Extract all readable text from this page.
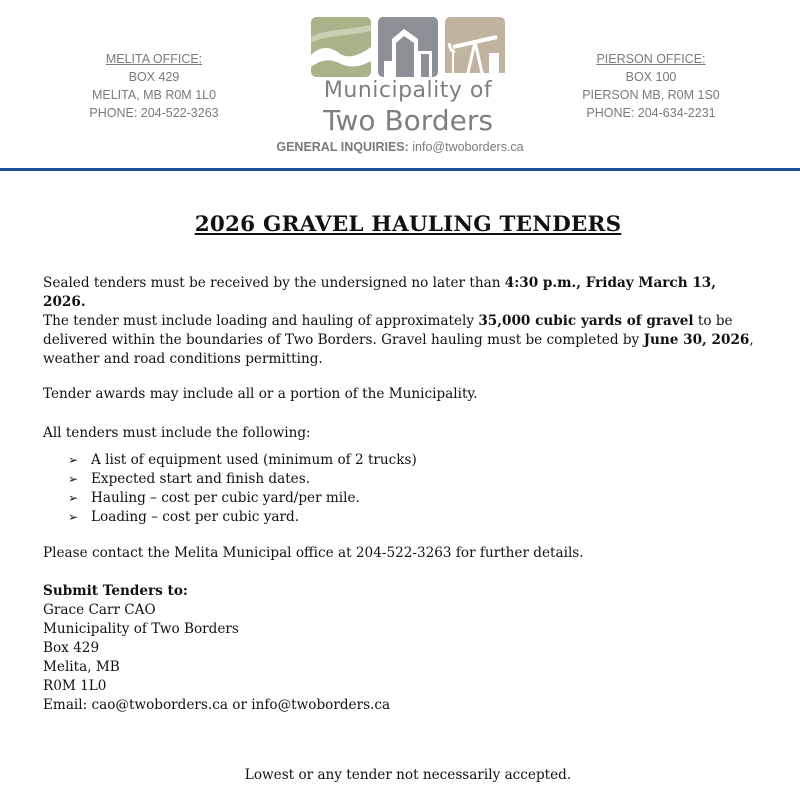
MELITA OFFICE:
BOX 429
MELITA, MB R0M 1L0
PHONE: 204-522-3263
Municipality of
Two Borders
PIERSON OFFICE:
BOX 100
PIERSON MB, R0M 1S0
PHONE: 204-634-2231
GENERAL INQUIRIES: info@twoborders.ca
2026 GRAVEL HAULING TENDERS
Sealed tenders must be received by the undersigned no later than 4:30 p.m., Friday March 13, 2026.
The tender must include loading and hauling of approximately 35,000 cubic yards of gravel to be delivered within the boundaries of Two Borders. Gravel hauling must be completed by June 30, 2026, weather and road conditions permitting.
Tender awards may include all or a portion of the Municipality.
All tenders must include the following:
➢ A list of equipment used (minimum of 2 trucks)
➢ Expected start and finish dates.
➢ Hauling – cost per cubic yard/per mile.
➢ Loading – cost per cubic yard.
Please contact the Melita Municipal office at 204-522-3263 for further details.
Submit Tenders to:
Grace Carr CAO
Municipality of Two Borders
Box 429
Melita, MB
R0M 1L0
Email: cao@twoborders.ca or info@twoborders.ca
Lowest or any tender not necessarily accepted.
